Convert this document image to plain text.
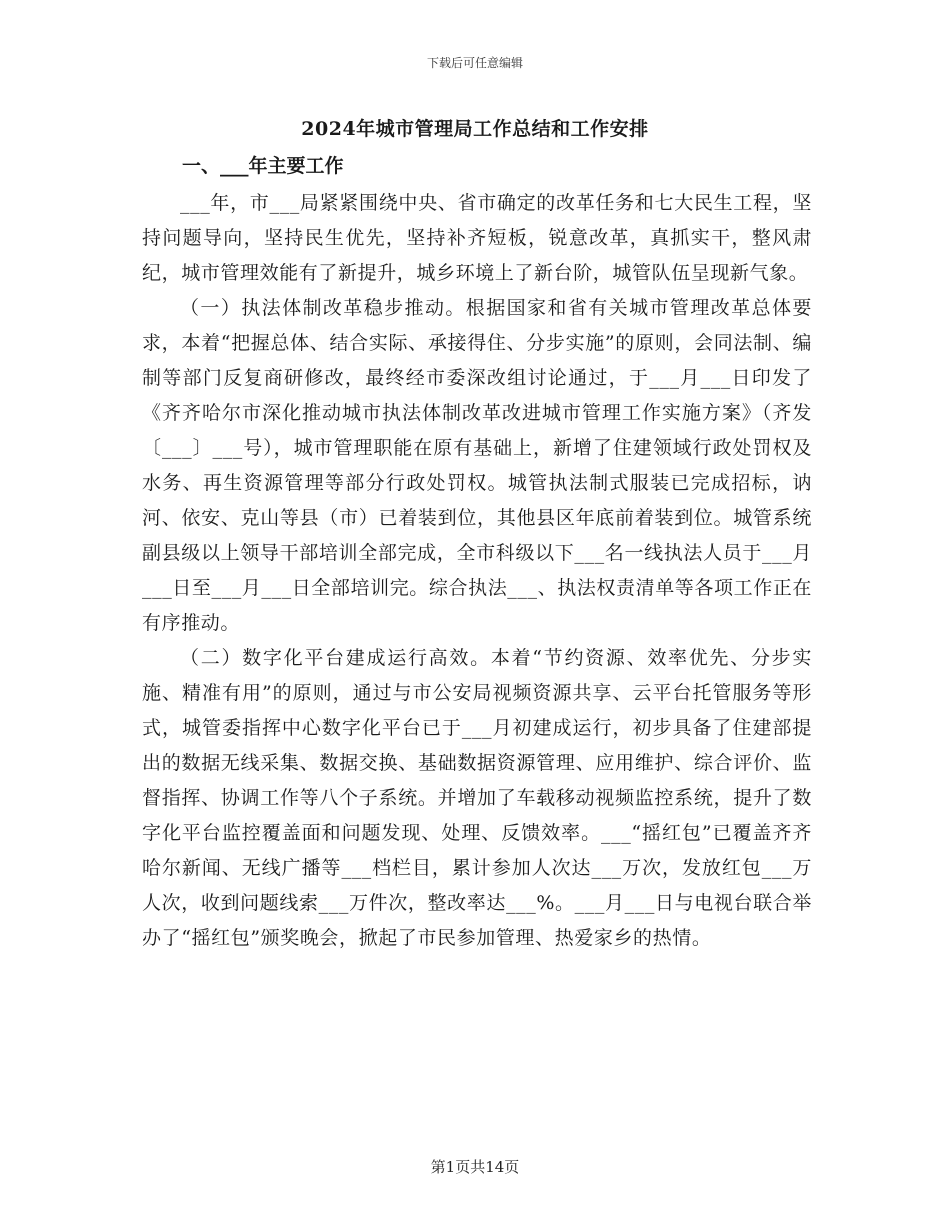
下载后可任意编辑
2024年城市管理局工作总结和工作安排
一、___年主要工作

___年，市___局紧紧围绕中央、省市确定的改革任务和七大民生工程，坚持问题导向，坚持民生优先，坚持补齐短板，锐意改革，真抓实干，整风肃纪，城市管理效能有了新提升，城乡环境上了新台阶，城管队伍呈现新气象。

（一）执法体制改革稳步推动。根据国家和省有关城市管理改革总体要求，本着“把握总体、结合实际、承接得住、分步实施”的原则，会同法制、编制等部门反复商研修改，最终经市委深改组讨论通过，于___月___日印发了《齐齐哈尔市深化推动城市执法体制改革改进城市管理工作实施方案》（齐发〔___〕___号），城市管理职能在原有基础上，新增了住建领域行政处罚权及水务、再生资源管理等部分行政处罚权。城管执法制式服装已完成招标，讷河、依安、克山等县（市）已着装到位，其他县区年底前着装到位。城管系统副县级以上领导干部培训全部完成，全市科级以下___名一线执法人员于___月___日至___月___日全部培训完。综合执法___、执法权责清单等各项工作正在有序推动。

（二）数字化平台建成运行高效。本着“节约资源、效率优先、分步实施、精准有用”的原则，通过与市公安局视频资源共享、云平台托管服务等形式，城管委指挥中心数字化平台已于___月初建成运行，初步具备了住建部提出的数据无线采集、数据交换、基础数据资源管理、应用维护、综合评价、监督指挥、协调工作等八个子系统。并增加了车载移动视频监控系统，提升了数字化平台监控覆盖面和问题发现、处理、反馈效率。___“摇红包”已覆盖齐齐哈尔新闻、无线广播等___档栏目，累计参加人次达___万次，发放红包___万人次，收到问题线索___万件次，整改率达___%。___月___日与电视台联合举办了“摇红包”颁奖晚会，掀起了市民参加管理、热爱家乡的热情。

第1页共14页
